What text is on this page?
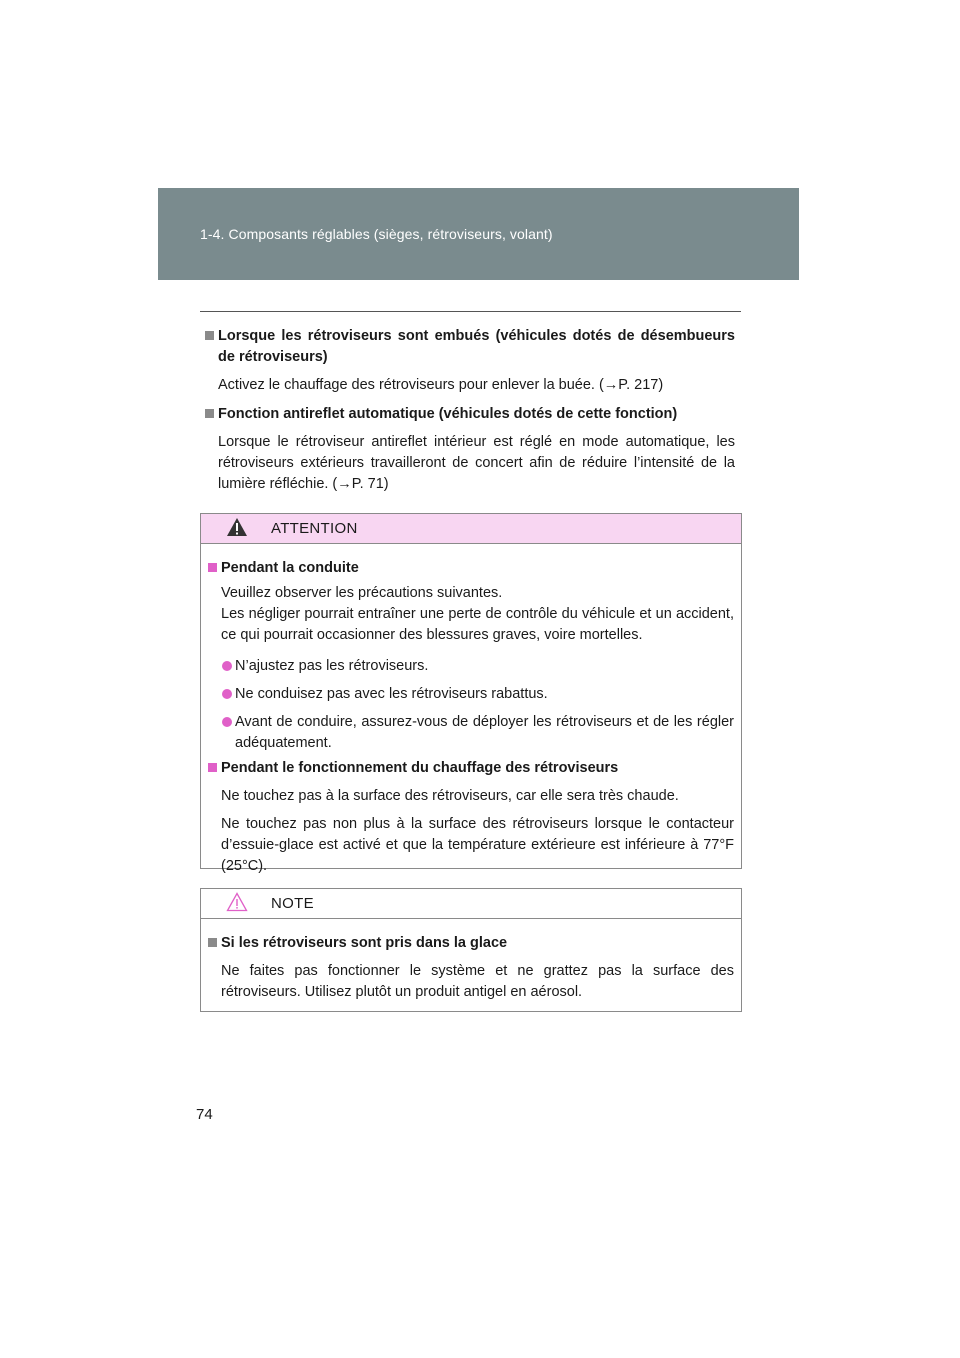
1-4. Composants réglables (sièges, rétroviseurs, volant)
Lorsque les rétroviseurs sont embués (véhicules dotés de désembueurs de rétroviseurs)
Activez le chauffage des rétroviseurs pour enlever la buée. (→P. 217)
Fonction antireflet automatique (véhicules dotés de cette fonction)
Lorsque le rétroviseur antireflet intérieur est réglé en mode automatique, les rétroviseurs extérieurs travailleront de concert afin de réduire l’intensité de la lumière réfléchie. (→P. 71)
ATTENTION
Pendant la conduite
Veuillez observer les précautions suivantes.
Les négliger pourrait entraîner une perte de contrôle du véhicule et un accident, ce qui pourrait occasionner des blessures graves, voire mortelles.
N’ajustez pas les rétroviseurs.
Ne conduisez pas avec les rétroviseurs rabattus.
Avant de conduire, assurez-vous de déployer les rétroviseurs et de les régler adéquatement.
Pendant le fonctionnement du chauffage des rétroviseurs
Ne touchez pas à la surface des rétroviseurs, car elle sera très chaude.
Ne touchez pas non plus à la surface des rétroviseurs lorsque le contacteur d’essuie-glace est activé et que la température extérieure est inférieure à 77°F (25°C).
NOTE
Si les rétroviseurs sont pris dans la glace
Ne faites pas fonctionner le système et ne grattez pas la surface des rétroviseurs. Utilisez plutôt un produit antigel en aérosol.
74
